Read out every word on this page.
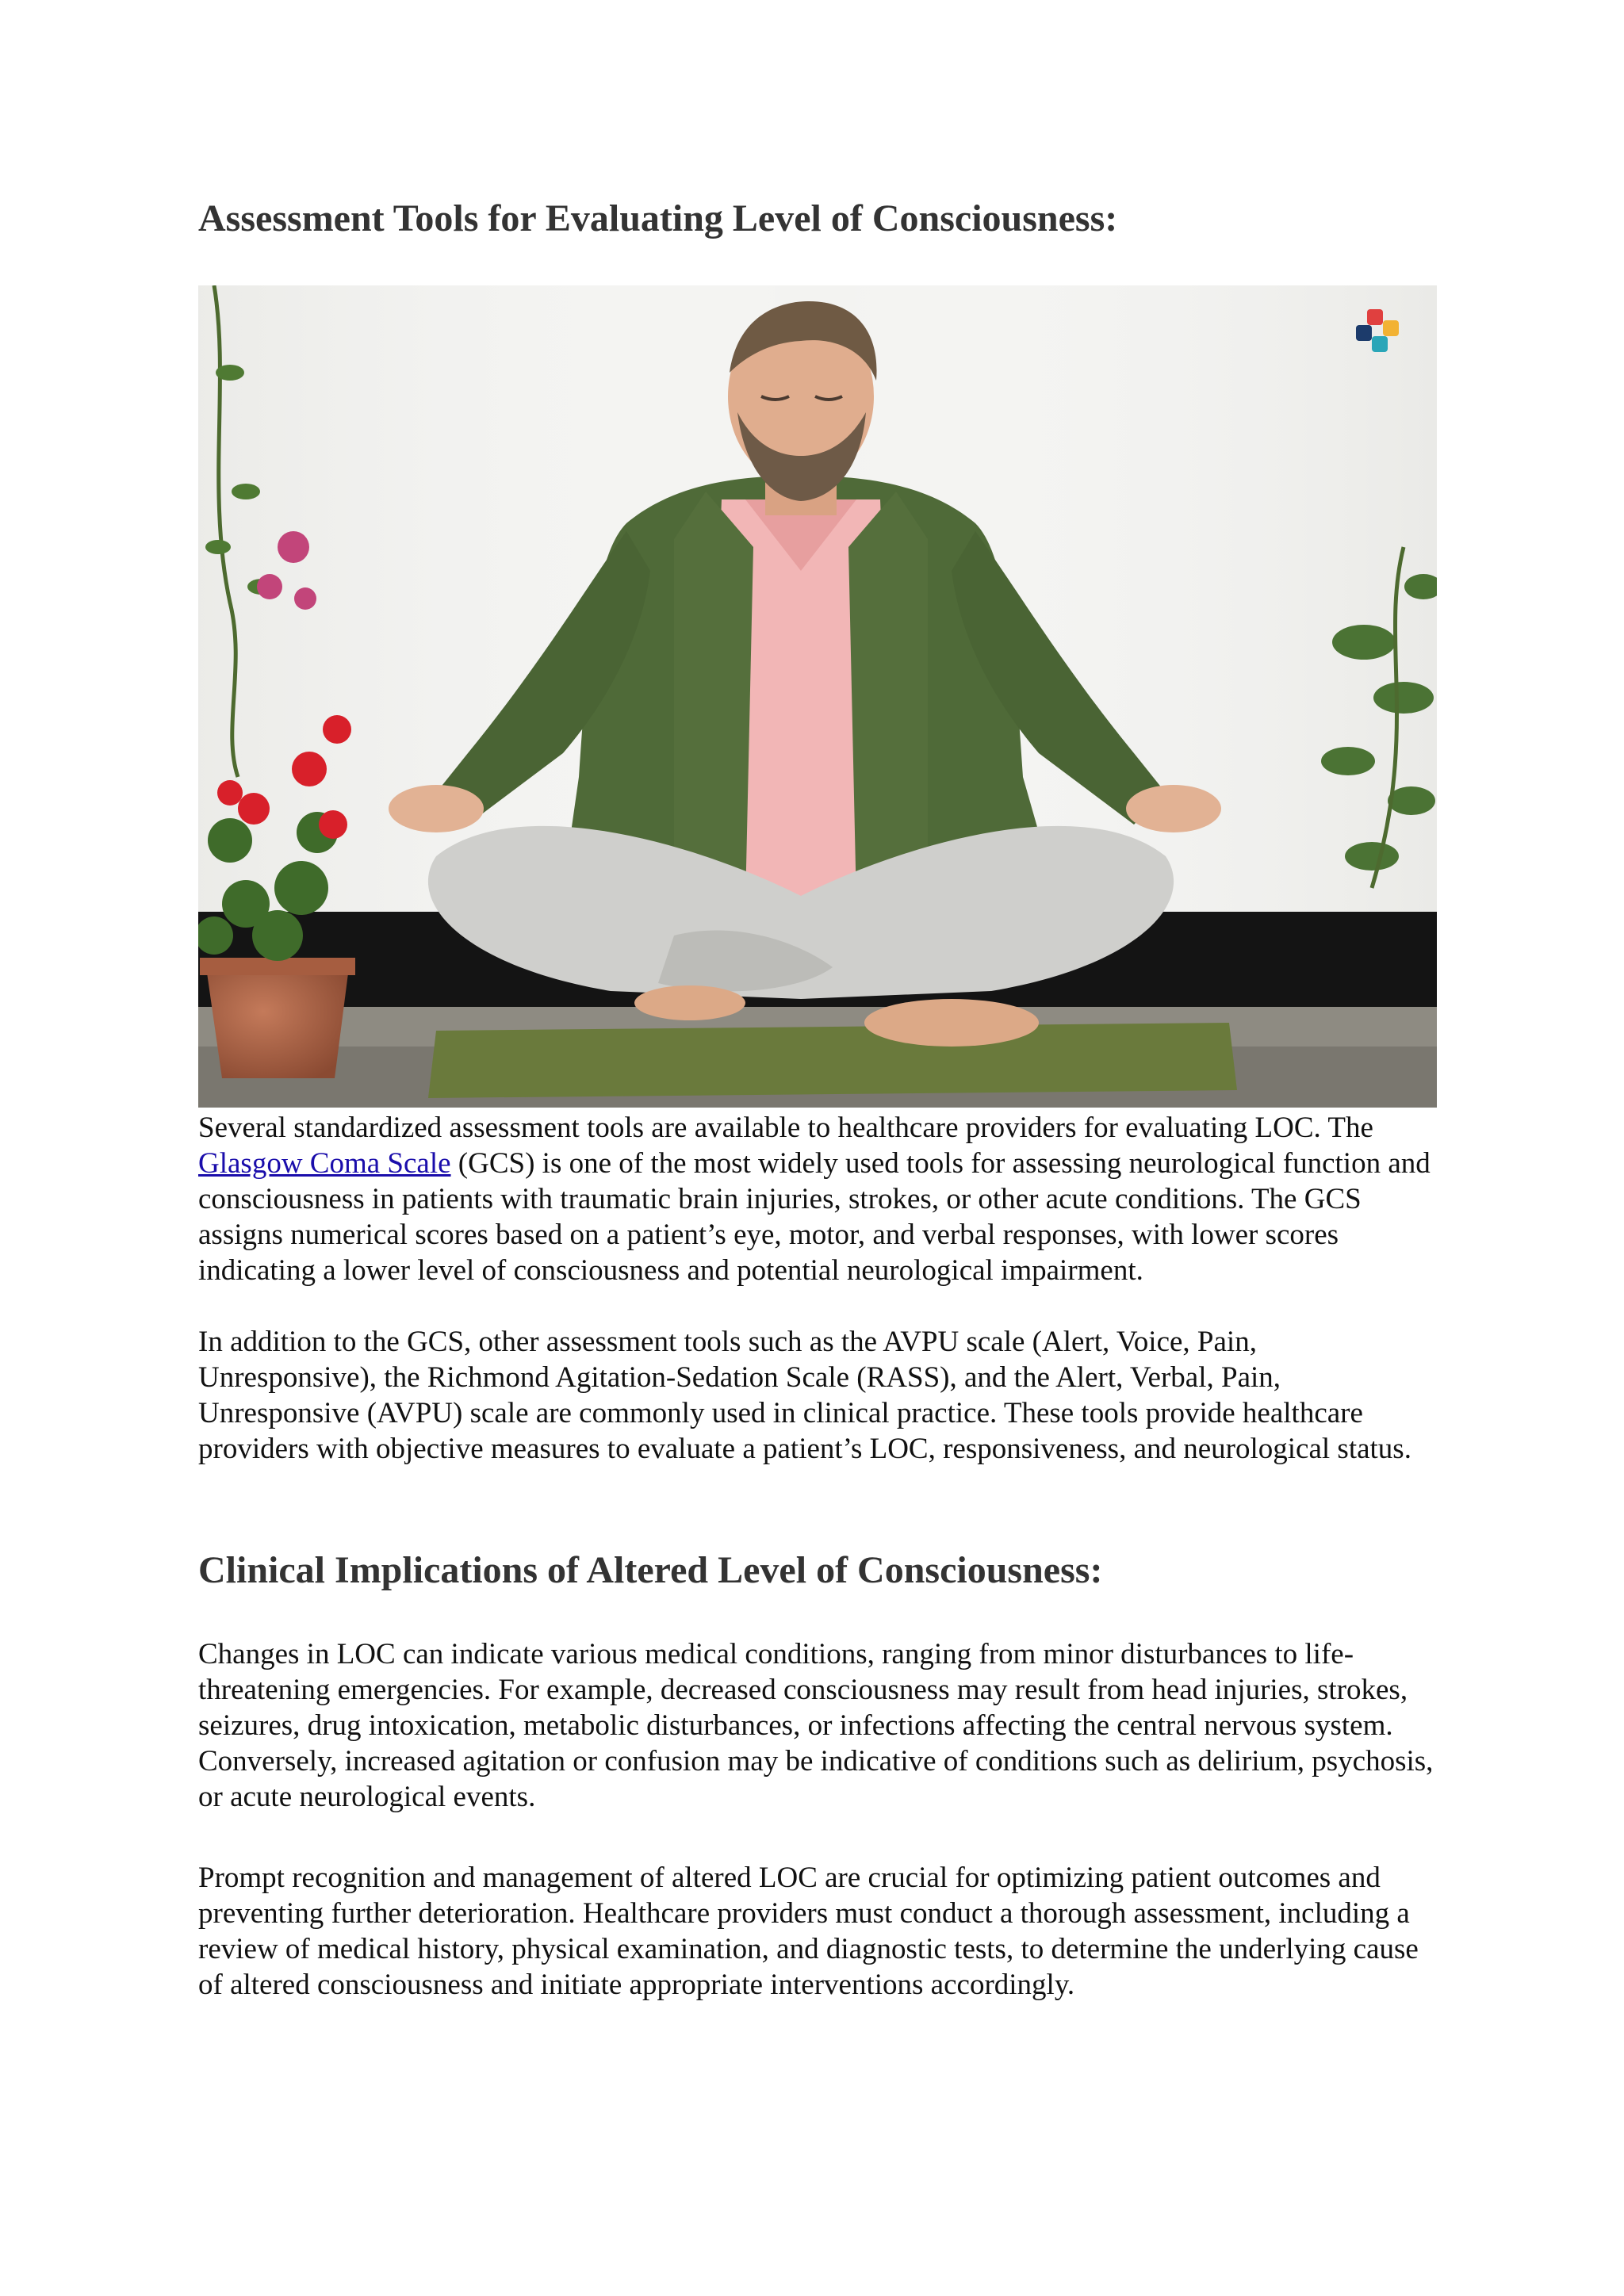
Assessment Tools for Evaluating Level of Consciousness:

Several standardized assessment tools are available to healthcare providers for evaluating LOC. The Glasgow Coma Scale (GCS) is one of the most widely used tools for assessing neurological function and consciousness in patients with traumatic brain injuries, strokes, or other acute conditions. The GCS assigns numerical scores based on a patient’s eye, motor, and verbal responses, with lower scores indicating a lower level of consciousness and potential neurological impairment.

In addition to the GCS, other assessment tools such as the AVPU scale (Alert, Voice, Pain, Unresponsive), the Richmond Agitation-Sedation Scale (RASS), and the Alert, Verbal, Pain, Unresponsive (AVPU) scale are commonly used in clinical practice. These tools provide healthcare providers with objective measures to evaluate a patient’s LOC, responsiveness, and neurological status.

Clinical Implications of Altered Level of Consciousness:

Changes in LOC can indicate various medical conditions, ranging from minor disturbances to life-threatening emergencies. For example, decreased consciousness may result from head injuries, strokes, seizures, drug intoxication, metabolic disturbances, or infections affecting the central nervous system. Conversely, increased agitation or confusion may be indicative of conditions such as delirium, psychosis, or acute neurological events.

Prompt recognition and management of altered LOC are crucial for optimizing patient outcomes and preventing further deterioration. Healthcare providers must conduct a thorough assessment, including a review of medical history, physical examination, and diagnostic tests, to determine the underlying cause of altered consciousness and initiate appropriate interventions accordingly.
